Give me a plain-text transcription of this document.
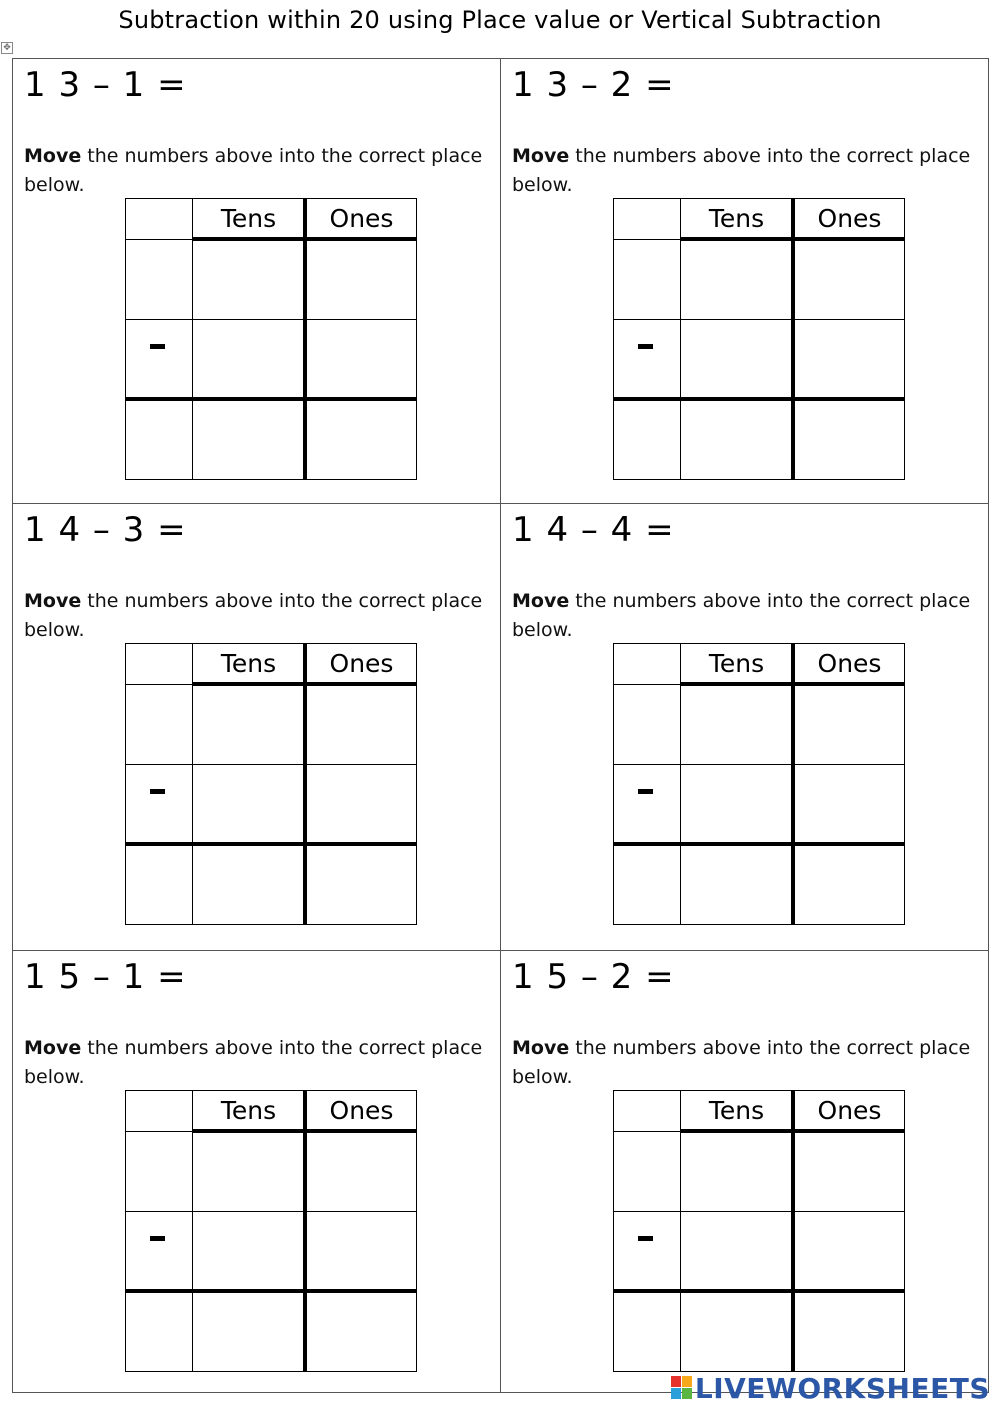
Subtraction within 20 using Place value or Vertical Subtraction
✥
1 3 – 1 =
Move the numbers above into the correct place below.
Tens	Ones
1 3 – 2 =
Move the numbers above into the correct place below.
Tens	Ones
1 4 – 3 =
Move the numbers above into the correct place below.
Tens	Ones
1 4 – 4 =
Move the numbers above into the correct place below.
Tens	Ones
1 5 – 1 =
Move the numbers above into the correct place below.
Tens	Ones
1 5 – 2 =
Move the numbers above into the correct place below.
Tens	Ones
LIVEWORKSHEETS
